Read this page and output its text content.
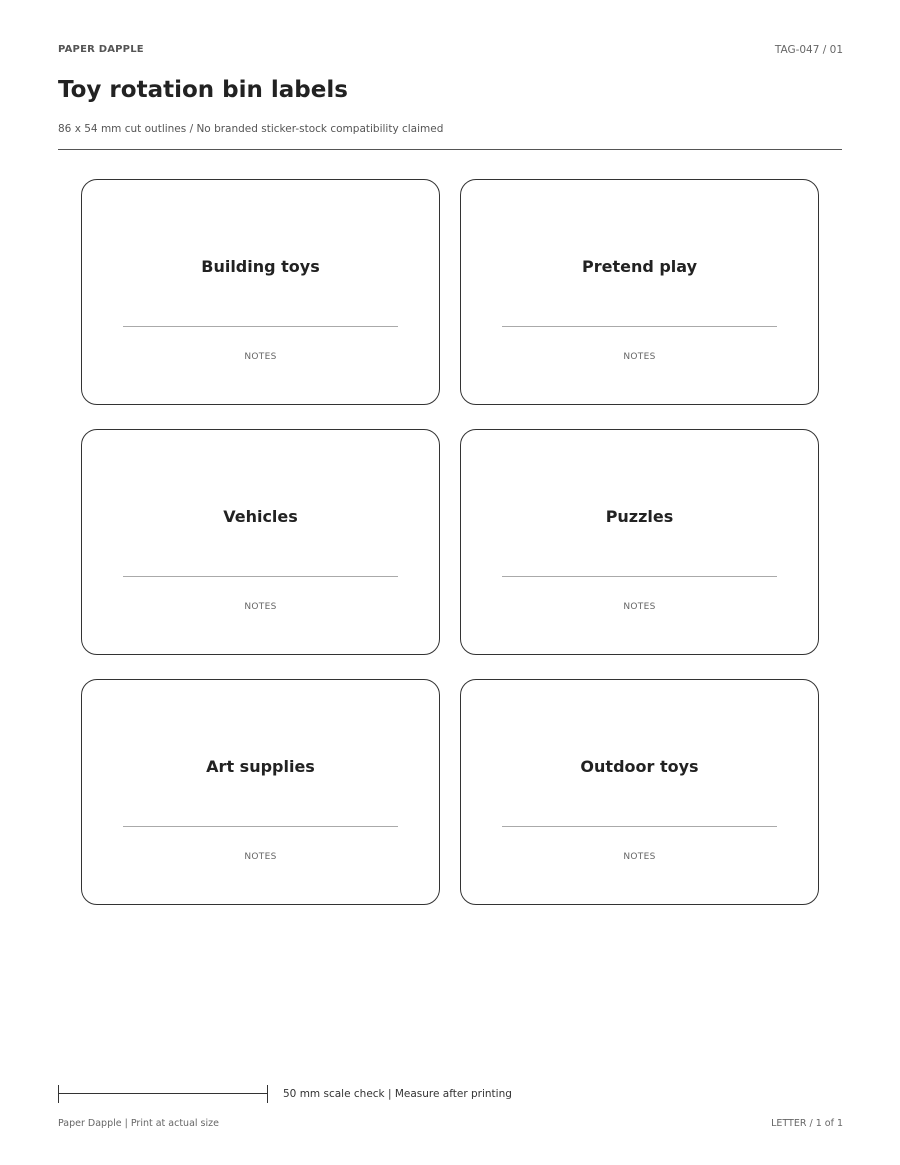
PAPER DAPPLE	TAG-047 / 01
Toy rotation bin labels
86 x 54 mm cut outlines / No branded sticker-stock compatibility claimed
Building toys
NOTES
Pretend play
NOTES
Vehicles
NOTES
Puzzles
NOTES
Art supplies
NOTES
Outdoor toys
NOTES
50 mm scale check | Measure after printing
Paper Dapple | Print at actual size	LETTER / 1 of 1
